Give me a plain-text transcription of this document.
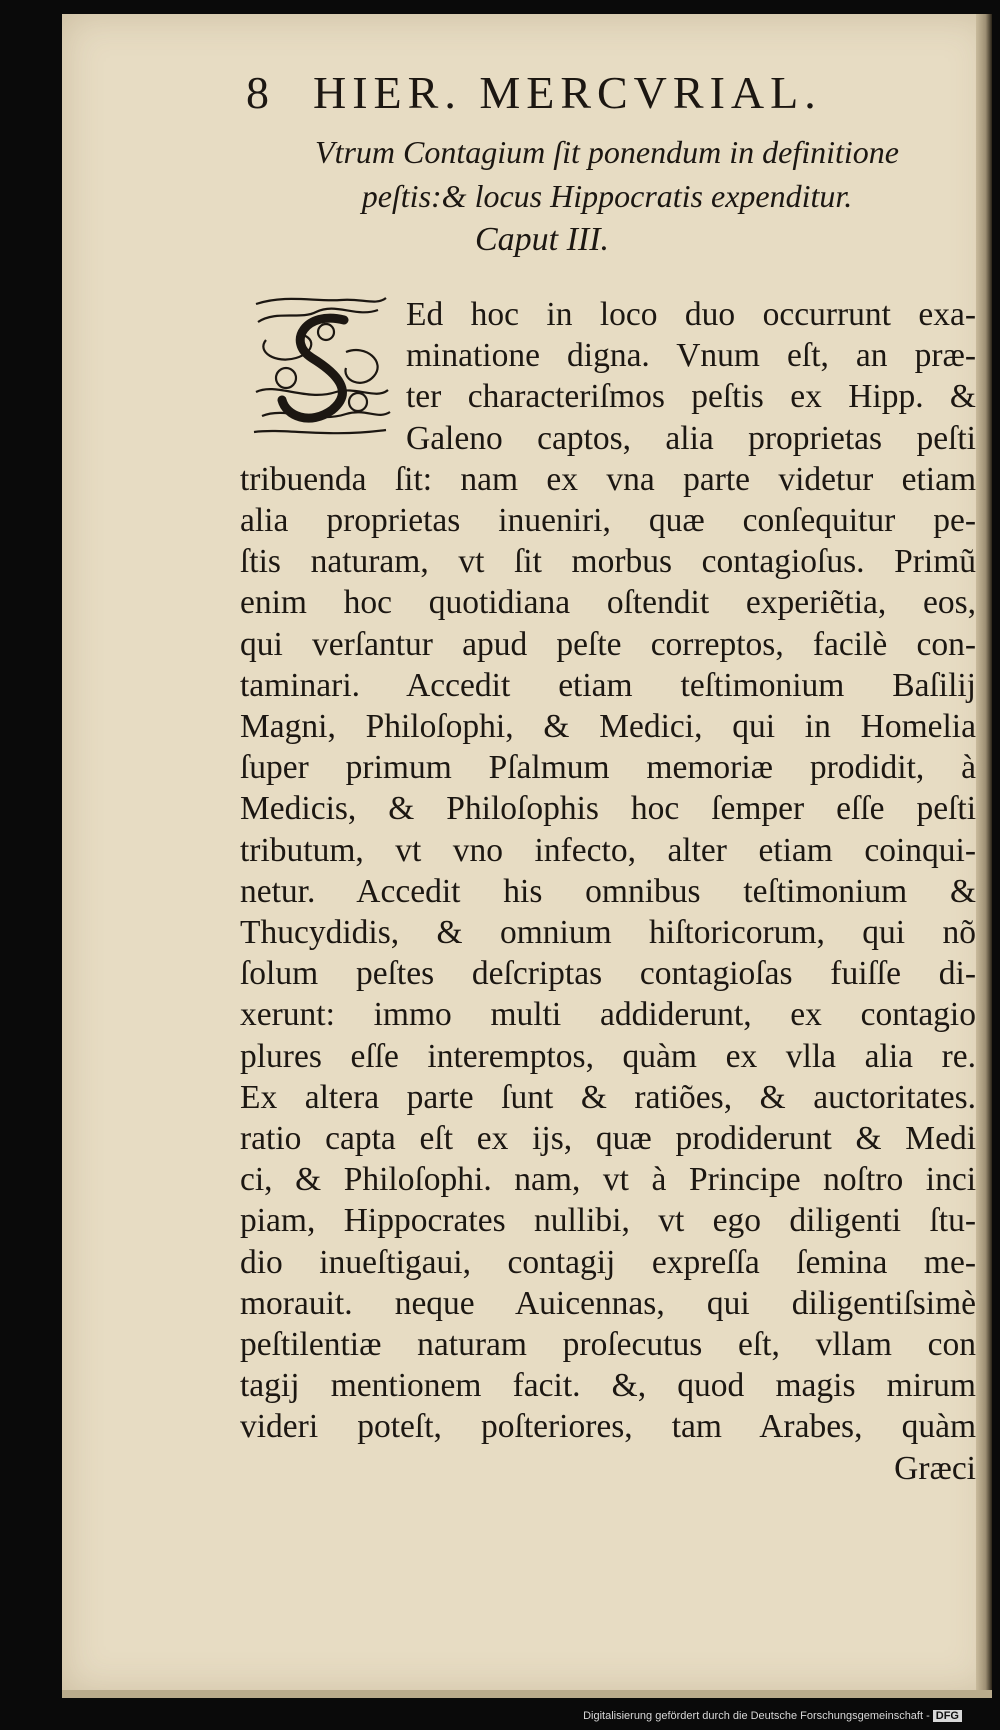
8 HIER. MERCVRIAL.
Vtrum Contagium ſit ponendum in definitione
peſtis:& locus Hippocratis expenditur.
Caput III.
Ed hoc in loco duo occurrunt exa-
minatione digna. Vnum eſt, an præ-
ter characteriſmos peſtis ex Hipp. &
Galeno captos, alia proprietas peſti
tribuenda ſit: nam ex vna parte videtur etiam
alia proprietas inueniri, quæ conſequitur pe-
ſtis naturam, vt ſit morbus contagioſus. Primũ
enim hoc quotidiana oſtendit experiẽtia, eos,
qui verſantur apud peſte correptos, facilè con-
taminari. Accedit etiam teſtimonium Baſilij
Magni, Philoſophi, & Medici, qui in Homelia
ſuper primum Pſalmum memoriæ prodidit, à
Medicis, & Philoſophis hoc ſemper eſſe peſti
tributum, vt vno infecto, alter etiam coinqui-
netur. Accedit his omnibus teſtimonium &
Thucydidis, & omnium hiſtoricorum, qui nõ
ſolum peſtes deſcriptas contagioſas fuiſſe di-
xerunt: immo multi addiderunt, ex contagio
plures eſſe interemptos, quàm ex vlla alia re.
Ex altera parte ſunt & ratiões, & auctoritates.
ratio capta eſt ex ijs, quæ prodiderunt & Medi
ci, & Philoſophi. nam, vt à Principe noſtro inci
piam, Hippocrates nullibi, vt ego diligenti ſtu-
dio inueſtigaui, contagij expreſſa ſemina me-
morauit. neque Auicennas, qui diligentiſsimè
peſtilentiæ naturam proſecutus eſt, vllam con
tagij mentionem facit. &, quod magis mirum
videri poteſt, poſteriores, tam Arabes, quàm
Græci
Digitalisierung gefördert durch die Deutsche Forschungsgemeinschaft - DFG
